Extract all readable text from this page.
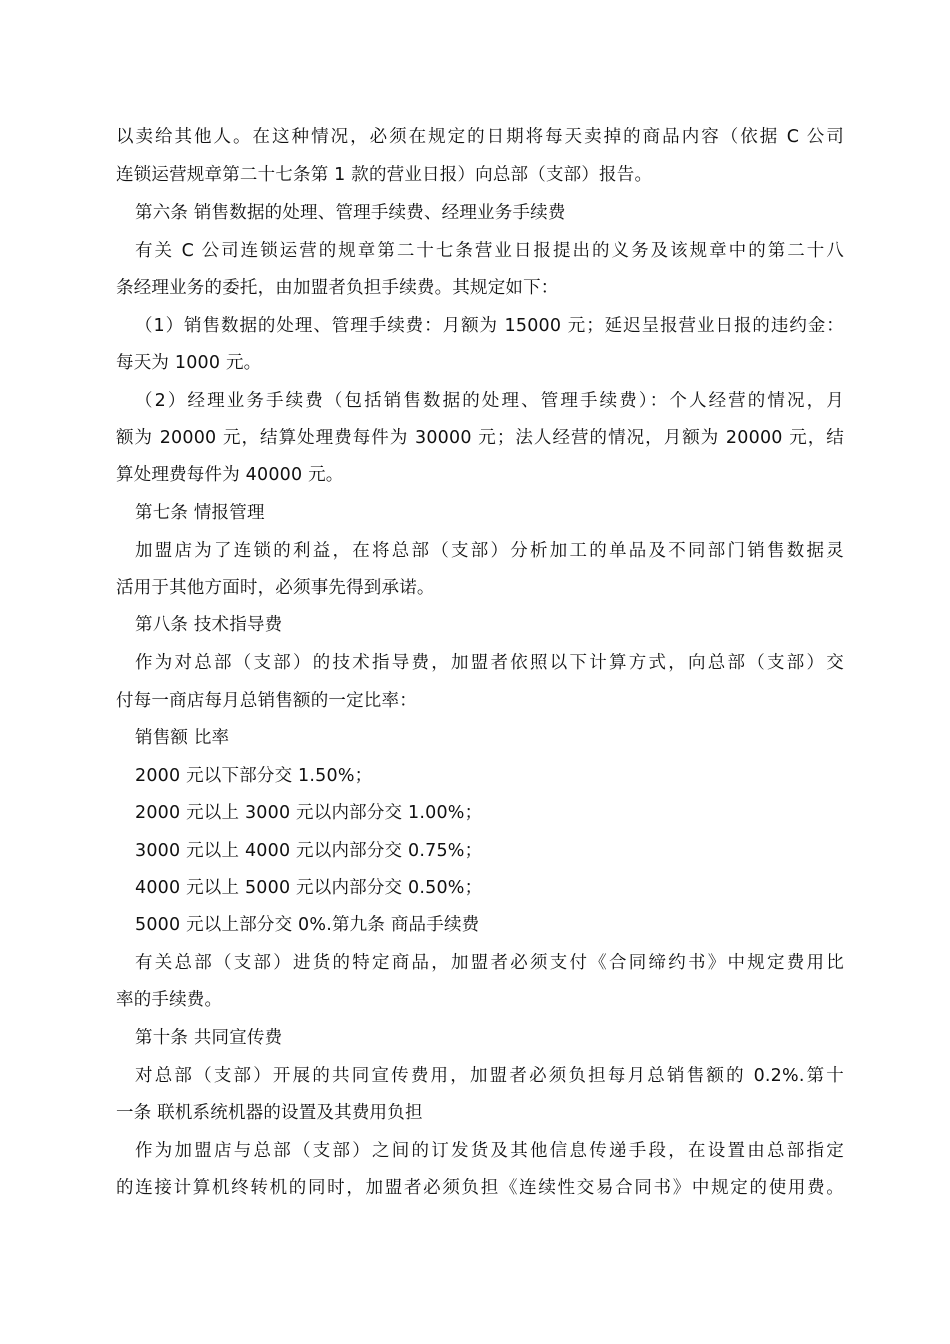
以卖给其他人。在这种情况，必须在规定的日期将每天卖掉的商品内容（依据 C 公司
连锁运营规章第二十七条第 1 款的营业日报）向总部（支部）报告。
第六条 销售数据的处理、管理手续费、经理业务手续费
有关 C 公司连锁运营的规章第二十七条营业日报提出的义务及该规章中的第二十八
条经理业务的委托，由加盟者负担手续费。其规定如下：
（1）销售数据的处理、管理手续费：月额为 15000 元；延迟呈报营业日报的违约金：
每天为 1000 元。
（2）经理业务手续费（包括销售数据的处理、管理手续费）：个人经营的情况，月
额为 20000 元，结算处理费每件为 30000 元；法人经营的情况，月额为 20000 元，结
算处理费每件为 40000 元。
第七条 情报管理
加盟店为了连锁的利益，在将总部（支部）分析加工的单品及不同部门销售数据灵
活用于其他方面时，必须事先得到承诺。
第八条 技术指导费
作为对总部（支部）的技术指导费，加盟者依照以下计算方式，向总部（支部）交
付每一商店每月总销售额的一定比率：
销售额 比率
2000 元以下部分交 1.50%；
2000 元以上 3000 元以内部分交 1.00%；
3000 元以上 4000 元以内部分交 0.75%；
4000 元以上 5000 元以内部分交 0.50%；
5000 元以上部分交 0%.第九条 商品手续费
有关总部（支部）进货的特定商品，加盟者必须支付《合同缔约书》中规定费用比
率的手续费。
第十条 共同宣传费
对总部（支部）开展的共同宣传费用，加盟者必须负担每月总销售额的 0.2%.第十
一条 联机系统机器的设置及其费用负担
作为加盟店与总部（支部）之间的订发货及其他信息传递手段，在设置由总部指定
的连接计算机终转机的同时，加盟者必须负担《连续性交易合同书》中规定的使用费。
